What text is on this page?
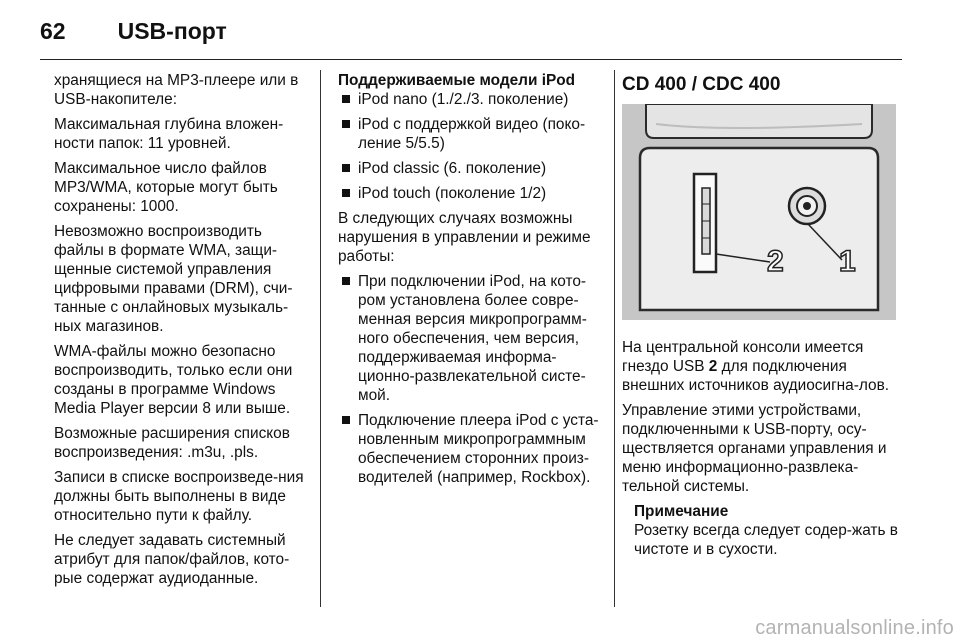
62 USB-порт

хранящиеся на MP3-плеере или в USB-накопителе:

Максимальная глубина вложен-ности папок: 11 уровней.

Максимальное число файлов MP3/WMA, которые могут быть сохранены: 1000.

Невозможно воспроизводить файлы в формате WMA, защи-щенные системой управления цифровыми правами (DRM), счи-танные с онлайновых музыкаль-ных магазинов.

WMA-файлы можно безопасно воспроизводить, только если они созданы в программе Windows Media Player версии 8 или выше.

Возможные расширения списков воспроизведения: .m3u, .pls.

Записи в списке воспроизведе-ния должны быть выполнены в виде относительно пути к файлу.

Не следует задавать системный атрибут для папок/файлов, кото-рые содержат аудиоданные.

Поддерживаемые модели iPod
iPod nano (1./2./3. поколение)
iPod с поддержкой видео (поко-ление 5/5.5)
iPod classic (6. поколение)
iPod touch (поколение 1/2)

В следующих случаях возможны нарушения в управлении и режиме работы:

При подключении iPod, на кото-ром установлена более совре-менная версия микропрограмм-ного обеспечения, чем версия, поддерживаемая информа-ционно-развлекательной систе-мой.
Подключение плеера iPod с уста-новленным микропрограммным обеспечением сторонних произ-водителей (например, Rockbox).
CD 400 / CDC 400
2 1

На центральной консоли имеется гнездо USB 2 для подключения внешних источников аудиосигна-лов.

Управление этими устройствами, подключенными к USB-порту, осу-ществляется органами управления и меню информационно-развлека-тельной системы.

Примечание
Розетку всегда следует содер-жать в чистоте и в сухости.
carmanualsonline.info
